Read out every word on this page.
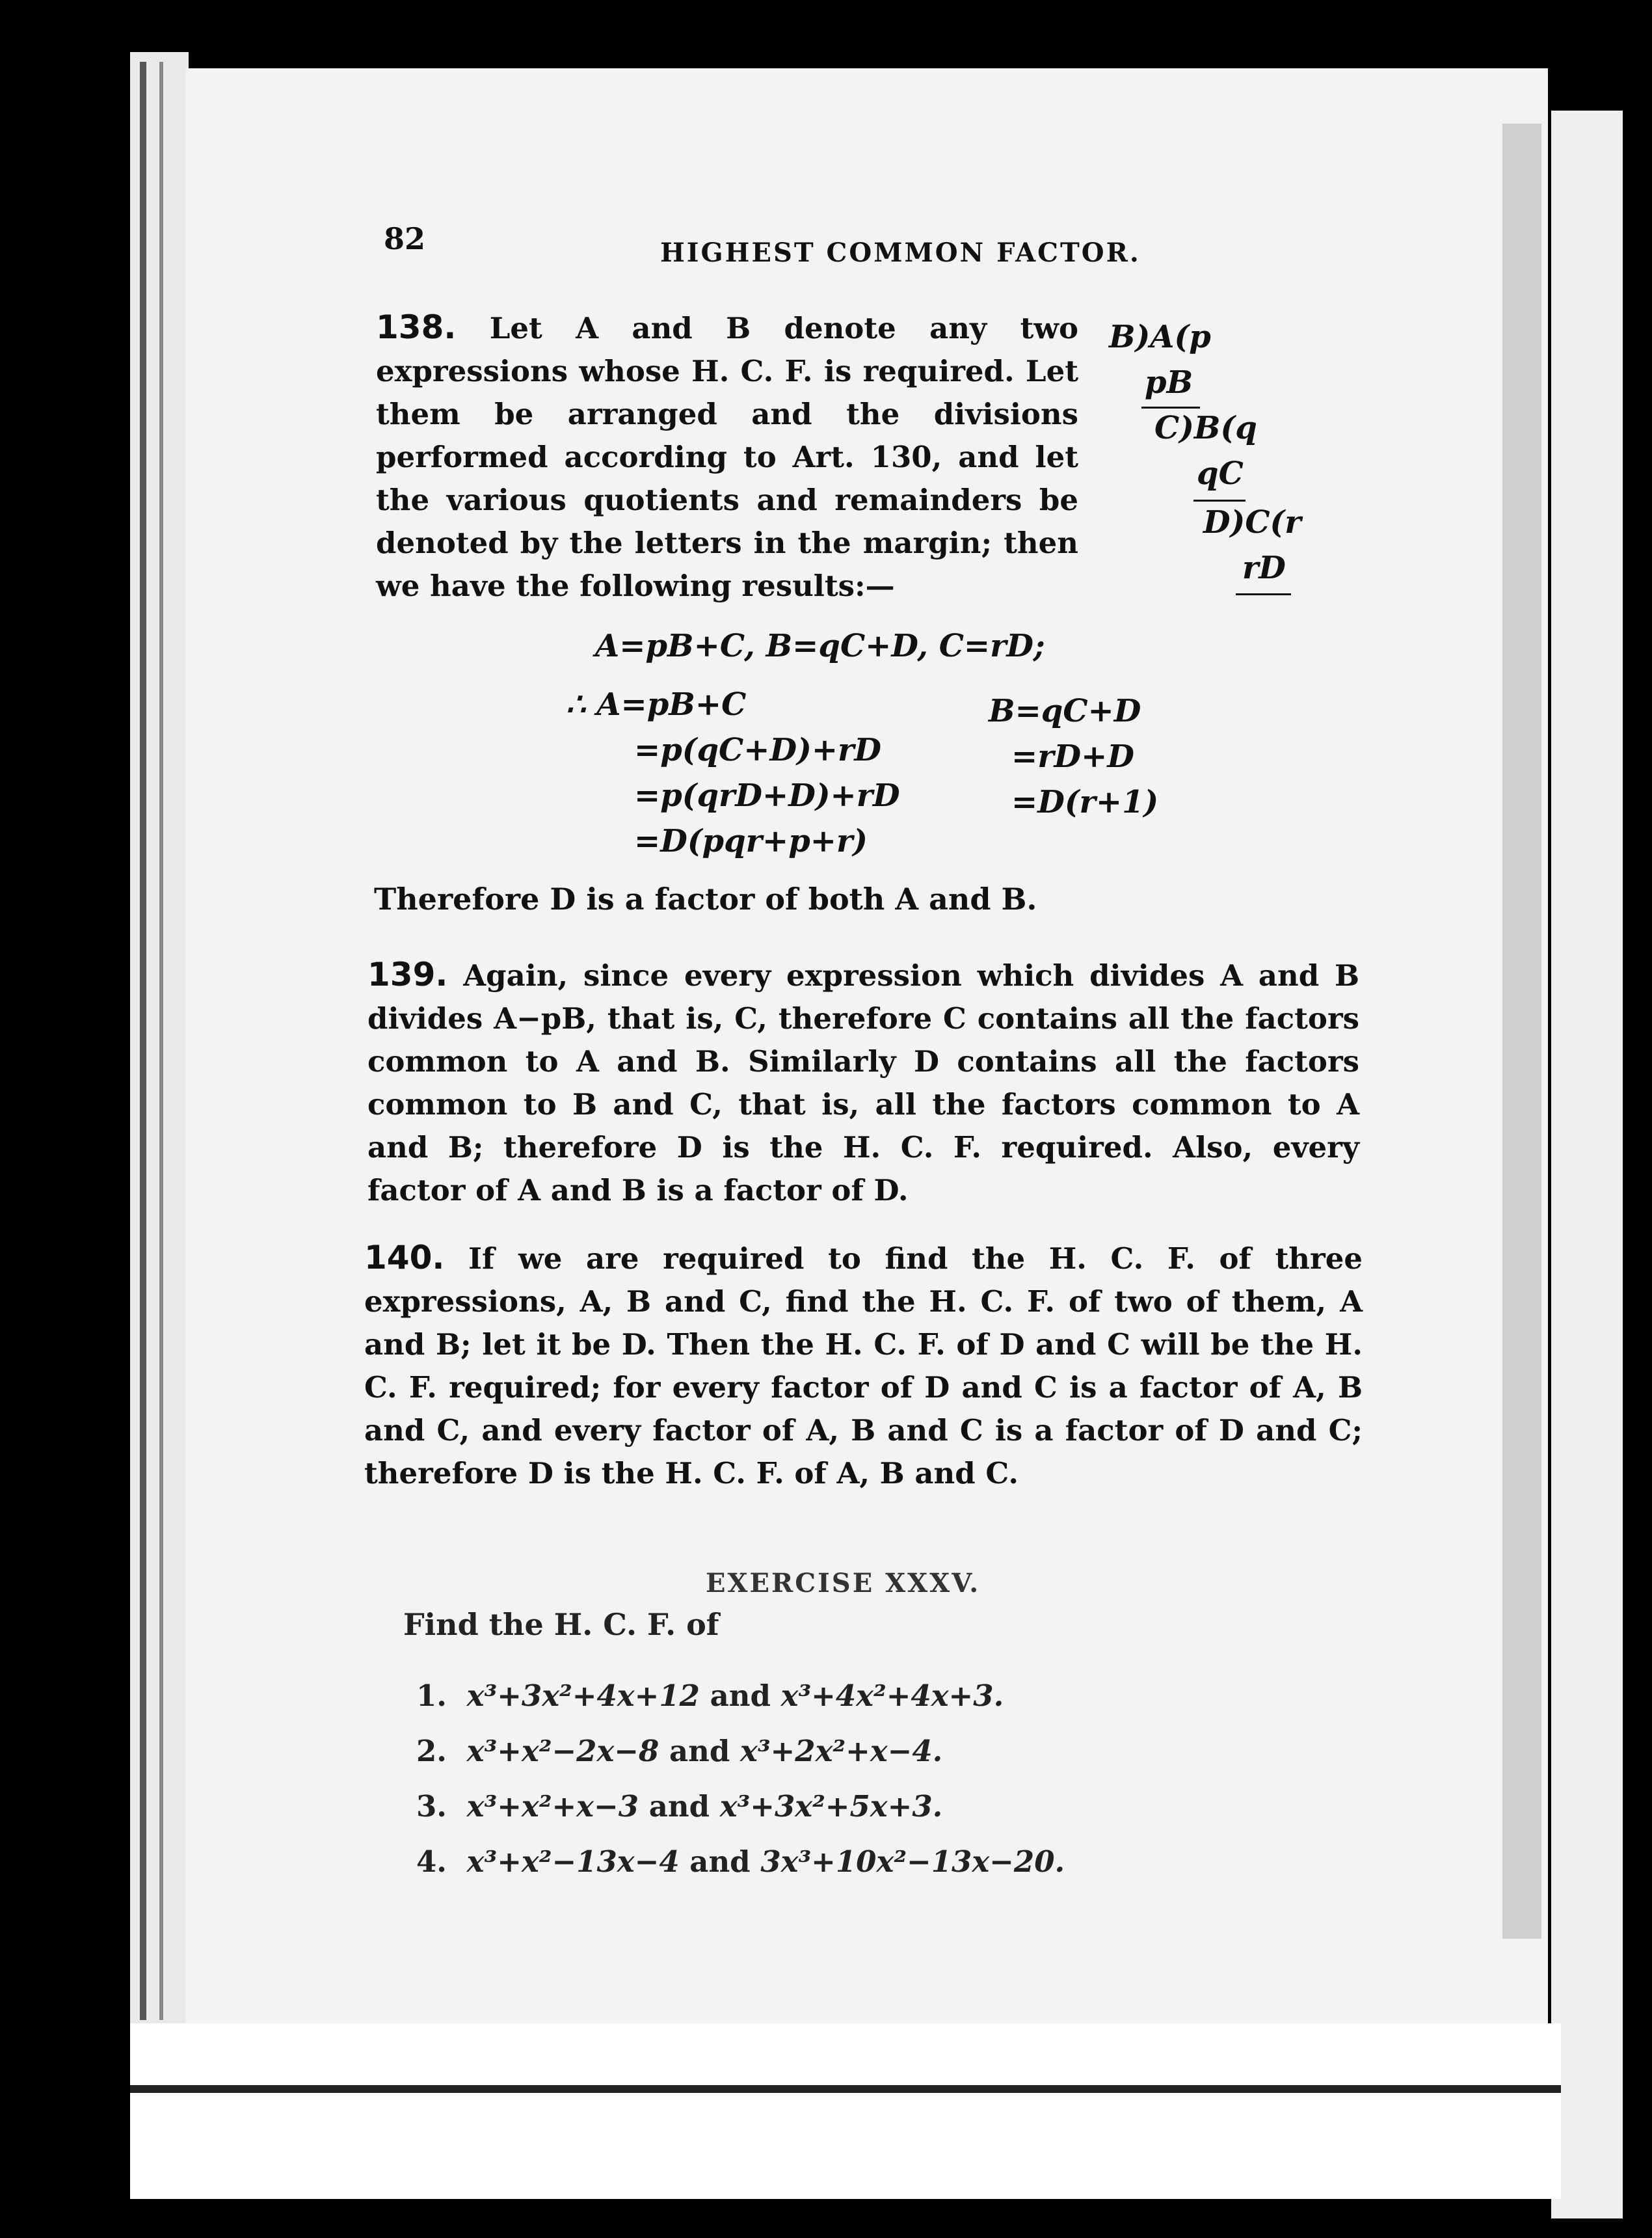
82	HIGHEST COMMON FACTOR.
138. Let A and B denote any two expressions whose H. C. F. is required. Let them be arranged and the divisions performed according to Art. 130, and let the various quotients and remainders be denoted by the letters in the margin; then we have the following results:—
B)A(p
pB
C)B(q
qC
D)C(r
rD
A=pB+C, B=qC+D, C=rD;
∴ A=pB+C
=p(qC+D)+rD
=p(qrD+D)+rD
=D(pqr+p+r)
B=qC+D
=rD+D
=D(r+1)
Therefore D is a factor of both A and B.
139. Again, since every expression which divides A and B divides A−pB, that is, C, therefore C contains all the factors common to A and B. Similarly D contains all the factors common to B and C, that is, all the factors common to A and B; therefore D is the H. C. F. required. Also, every factor of A and B is a factor of D.
140. If we are required to find the H. C. F. of three expressions, A, B and C, find the H. C. F. of two of them, A and B; let it be D. Then the H. C. F. of D and C will be the H. C. F. required; for every factor of D and C is a factor of A, B and C, and every factor of A, B and C is a factor of D and C; therefore D is the H. C. F. of A, B and C.
EXERCISE XXXV.
Find the H. C. F. of
1. x³+3x²+4x+12 and x³+4x²+4x+3.
2. x³+x²−2x−8 and x³+2x²+x−4.
3. x³+x²+x−3 and x³+3x²+5x+3.
4. x³+x²−13x−4 and 3x³+10x²−13x−20.
